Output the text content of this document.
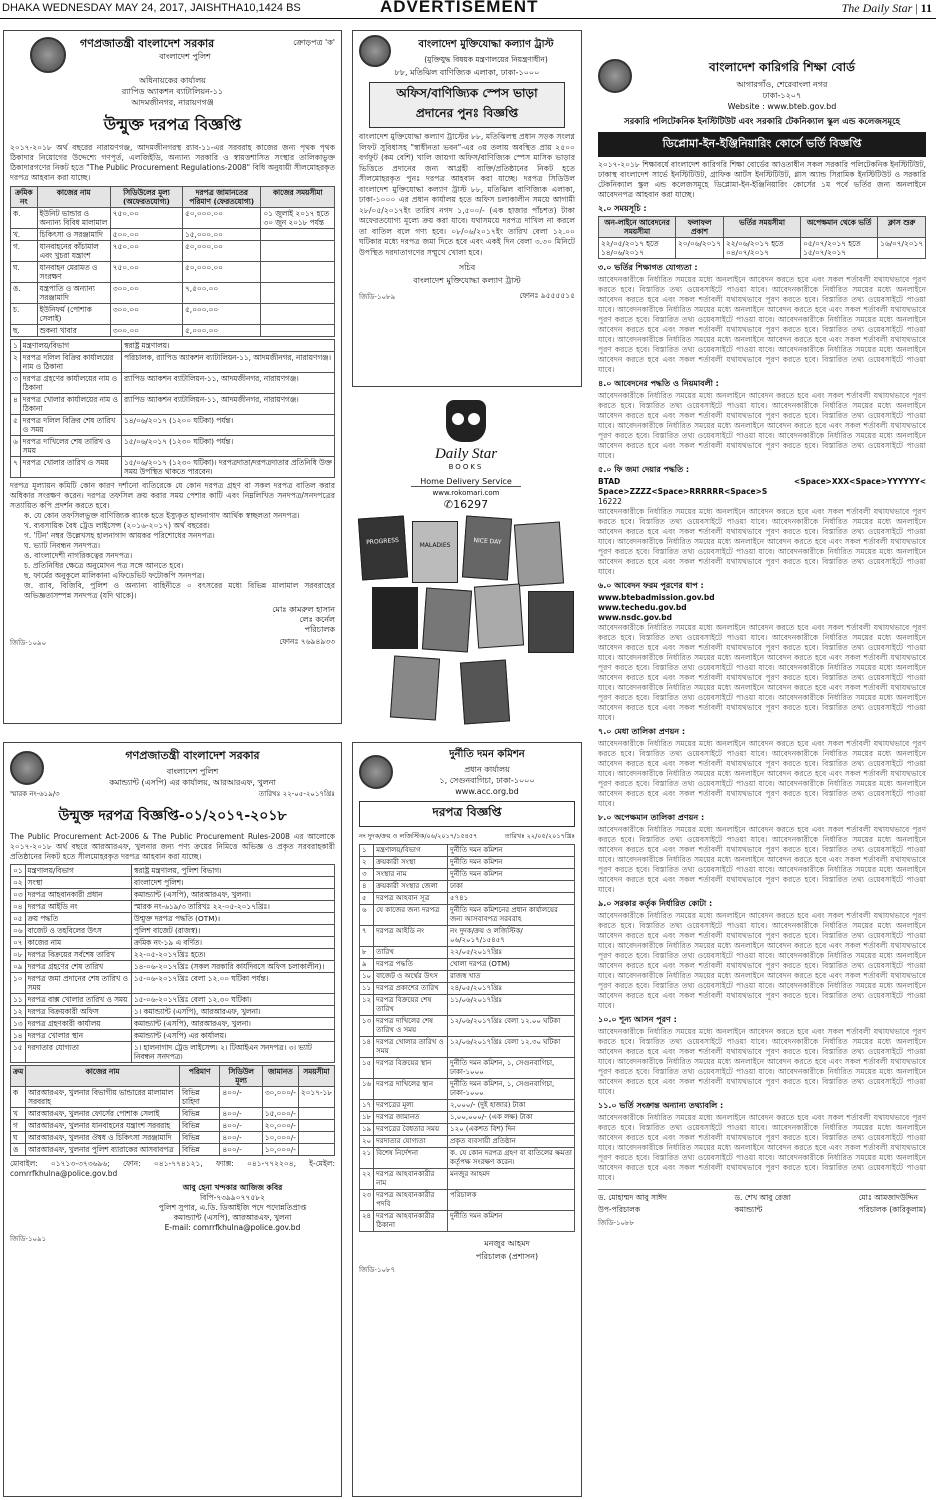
DHAKA WEDNESDAY MAY 24, 2017, JAISHTHA10,1424 BS	ADVERTISEMENT	The Daily Star | 11
গণপ্রজাতন্ত্রী বাংলাদেশ সরকার	ক্রোড়পত্র 'ক'
বাংলাদেশ পুলিশ
অধিনায়কের কার্যালয়
র‍্যাপিড অ্যাকশন ব্যাটালিয়ন-১১
আদমজীনগর, নারায়ণগঞ্জ
উন্মুক্ত দরপত্র বিজ্ঞপ্তি
২০১৭-২০১৮ অর্থ বছরের নারায়ণগঞ্জ, আদমজীনগরস্থ র‍্যাব-১১-এর সরবরাহ কাজের জন্য পৃথক পৃথক ঠিকাদার নিয়োগের উদ্দেশ্যে গণপূর্ত, এলজিইডি, অন্যান্য সরকারি ও স্বায়ত্তশাসিত সংস্থার তালিকাভুক্ত ঠিকাদারগণের নিকট হতে "The Public Procurement Regulations-2008" বিধি অনুযায়ী সীলমোহরকৃত দরপত্র আহবান করা যাচ্ছে।
ক্রমিক নং	কাজের নাম	সিডিউলের মূল্য (অফেরতযোগ্য)	দরপত্র জামানতের পরিমাণ (ফেরতযোগ্য)	কাজের সময়সীমা
ক.	ইউনিট ভান্ডার ও অন্যান্য বিবিধ মালামাল	৭৫০.০০	৫০,০০০.০০	০১ জুলাই ২০১৭ হতে ৩০ জুন ২০১৮ পর্যন্ত
খ.	চিকিৎসা ও সরঞ্জামাদি	৫০০.০০	১৫,০০০.০০	
গ.	যানবাহনের কাঁচামাল এবং খুচরা যন্ত্রাংশ	৭৫০.০০	৫০,০০০.০০	
ঘ.	যানবাহন মেরামত ও সংরক্ষণ	৭৫০.০০	৫০,০০০.০০	
ঙ.	যন্ত্রপাতি ও অন্যান্য সরঞ্জামাদি	৩০০.০০	৭,৫০০.০০	
চ.	ইউনিফর্ম (পোশাক সেলাই)	৩০০.০০	৫,০০০.০০	
ছ.	শুকনা খাবার	৩০০.০০	৫,০০০.০০	
১	মন্ত্রণালয়/বিভাগ	স্বরাষ্ট্র মন্ত্রণালয়।
২	দরপত্র দলিল বিক্রির কার্যালয়ের নাম ও ঠিকানা	পরিচালক, র‍্যাপিড অ্যাকশন ব্যাটালিয়ন-১১, আদমজীনগর, নারায়ণগঞ্জ।
৩	দরপত্র গ্রহণের কার্যালয়ের নাম ও ঠিকানা	র‍্যাপিড অ্যাকশন ব্যাটালিয়ন-১১, আদমজীনগর, নারায়ণগঞ্জ।
৪	দরপত্র খোলার কার্যালয়ের নাম ও ঠিকানা	র‍্যাপিড অ্যাকশন ব্যাটালিয়ন-১১, আদমজীনগর, নারায়ণগঞ্জ।
৫	দরপত্র দলিল বিক্রির শেষ তারিখ ও সময়	১৪/০৬/২০১৭ (১২০০ ঘটিকা) পর্যন্ত।
৬	দরপত্র দাখিলের শেষ তারিখ ও সময়	১৫/০৬/২০১৭ (১২৩০ ঘটিকা) পর্যন্ত।
৭	দরপত্র খোলার তারিখ ও সময়	১৫/০৬/২০১৭ (১২৩০ ঘটিকা)। দরপত্রদাতা/দরপত্রদাতার প্রতিনিধি উক্ত সময় উপস্থিত থাকতে পারবেন।
দরপত্র মূল্যায়ন কমিটি কোন কারণ দর্শানো ব্যতিরেকে যে কোন দরপত্র গ্রহণ বা সকল দরপত্র বাতিল করার অধিকার সংরক্ষণ করেন। দরপত্র তফসিল ক্রয় করার সময় পেশার কাটি এবং নিম্নলিখিত সনদপত্র/সনদপত্রের সত্যায়িত কপি প্রদর্শন করতে হবে।
ক. যে কোন তফসিলভুক্ত বাণিজ্যিক ব্যাংক হতে ইস্যুকৃত হালনাগাদ আর্থিক স্বচ্ছলতা সনদপত্র।
খ. ব্যবসায়িক বৈধ ট্রেড লাইসেন্স (২০১৬-২০১৭) অর্থ বছরের।
গ. 'টিন' নম্বর উল্লেখসহ হালনাগাদ আয়কর পরিশোধের সনদপত্র।
ঘ. ভ্যাট নিবন্ধন সনদপত্র।
ঙ. বাংলাদেশী নাগরিকত্বের সনদপত্র।
চ. প্রতিনিধির ক্ষেত্রে অনুমোদন পত্র সঙ্গে আনতে হবে।
ছ. ফার্মের অনুকূলে মালিকানা এফিডেভিট ফটোকপি সনদপত্র।
জ. র‍্যাব, বিজিবি, পুলিশ ও অন্যান্য বাহিনীতে ০ বৎসরের মধ্যে বিভিন্ন মালামাল সরবরাহের অভিজ্ঞতাসম্পন্ন সনদপত্র (যদি থাকে)।
মোঃ কামরুল হাসান
লেঃ কর্নেল
পরিচালক
জিডি-১০৯০	ফোনঃ ৭৬৯৪৯৩৩
বাংলাদেশ মুক্তিযোদ্ধা কল্যাণ ট্রাস্ট
(মুক্তিযুদ্ধ বিষয়ক মন্ত্রণালয়ের নিয়ন্ত্রণাধীন)
৮৮, মতিঝিল বাণিজ্যিক এলাকা, ঢাকা-১০০০
অফিস/বাণিজ্যিক স্পেস ভাড়া
প্রদানের পুনঃ বিজ্ঞপ্তি
বাংলাদেশ মুক্তিযোদ্ধা কল্যাণ ট্রাস্টের ৮৮, মতিঝিলস্থ প্রধান সড়ক সংলগ্ন লিফট সুবিধাসহ "স্বাধীনতা ভবন"-এর ৩য় তলায় অবস্থিত প্রায় ২৫০০ বর্গফুট (কম বেশি) খালি জায়গা অফিস/বাণিজ্যিক স্পেস মাসিক ভাড়ার ভিত্তিতে প্রদানের জন্য আগ্রহী ব্যক্তি/প্রতিষ্ঠানের নিকট হতে সীলমোহরকৃত পুনঃ দরপত্র আহবান করা যাচ্ছে। দরপত্র সিডিউল বাংলাদেশ মুক্তিযোদ্ধা কল্যাণ ট্রাস্ট ৮৮, মতিঝিল বাণিজ্যিক এলাকা, ঢাকা-১০০০ এর প্রধান কার্যালয় হতে অফিস চলাকালীন সময়ে আগামী ২৮/০৫/২০১৭ইং তারিখ নগদ ১,৫০০/- (এক হাজার পাঁচশত) টাকা অফেরতযোগ্য মূল্যে ক্রয় করা যাবে। যথাসময়ে দরপত্র দাখিল না করলে তা বাতিল বলে গণ্য হবে। ০৮/০৬/২০১৭ইং তারিখ বেলা ১২.০০ ঘটিকার মধ্যে দরপত্র জমা দিতে হবে এবং একই দিন বেলা ৩.৩০ মিনিটে উপস্থিত দরদাতাগণের সম্মুখে খোলা হবে।
সচিব
বাংলাদেশ মুক্তিযোদ্ধা কল্যাণ ট্রাস্ট
জিডি-১০৮৯	ফোনঃ ৯৫৫৫৫১৫
Daily Star
BOOKS
Home Delivery Service
www.rokomari.com
✆16297
PROGRESS	MALADIES	NICE DAY
বাংলাদেশ কারিগরি শিক্ষা বোর্ড
আগারগাঁও, শেরেবাংলা নগর
ঢাকা-১২০৭
Website : www.bteb.gov.bd
সরকারি পলিটেকনিক ইনস্টিটিউট এবং সরকারি টেকনিক্যাল স্কুল এন্ড কলেজসমূহে
ডিপ্লোমা-ইন-ইঞ্জিনিয়ারিং কোর্সে ভর্তি বিজ্ঞপ্তি
২০১৭-২০১৮ শিক্ষাবর্ষে বাংলাদেশ কারিগরি শিক্ষা বোর্ডের আওতাধীন সকল সরকারি পলিটেকনিক ইনস্টিটিউট, ঢাকাস্থ বাংলাদেশ সার্ভে ইনস্টিটিউট, গ্রাফিক আর্টস ইনস্টিটিউট, গ্লাস অ্যান্ড সিরামিক ইনস্টিটিউট ও সরকারি টেকনিক্যাল স্কুল এন্ড কলেজসমূহে ডিপ্লোমা-ইন-ইঞ্জিনিয়ারিং কোর্সের ১ম পর্বে ভর্তির জন্য অনলাইনে আবেদনপত্র আহবান করা যাচ্ছে।
২.০ সময়সূচি :
অন-লাইনে আবেদনের সময়সীমা	ফলাফল প্রকাশ	ভর্তির সময়সীমা	অপেক্ষমান থেকে ভর্তি	ক্লাস শুরু
২২/০৫/২০১৭ হতে ১৪/০৬/২০১৭	২০/০৬/২০১৭	২২/০৬/২০১৭ হতে ০৪/০৭/২০১৭	০৫/০৭/২০১৭ হতে ১৫/০৭/২০১৭	১৬/০৭/২০১৭
৩.০ ভর্তির শিক্ষাগত যোগ্যতা :
আবেদনকারীকে নির্ধারিত সময়ের মধ্যে অনলাইনে আবেদন করতে হবে এবং সকল শর্তাবলী যথাযথভাবে পূরণ করতে হবে। বিস্তারিত তথ্য ওয়েবসাইটে পাওয়া যাবে। আবেদনকারীকে নির্ধারিত সময়ের মধ্যে অনলাইনে আবেদন করতে হবে এবং সকল শর্তাবলী যথাযথভাবে পূরণ করতে হবে। বিস্তারিত তথ্য ওয়েবসাইটে পাওয়া যাবে। আবেদনকারীকে নির্ধারিত সময়ের মধ্যে অনলাইনে আবেদন করতে হবে এবং সকল শর্তাবলী যথাযথভাবে পূরণ করতে হবে। বিস্তারিত তথ্য ওয়েবসাইটে পাওয়া যাবে। আবেদনকারীকে নির্ধারিত সময়ের মধ্যে অনলাইনে আবেদন করতে হবে এবং সকল শর্তাবলী যথাযথভাবে পূরণ করতে হবে। বিস্তারিত তথ্য ওয়েবসাইটে পাওয়া যাবে। আবেদনকারীকে নির্ধারিত সময়ের মধ্যে অনলাইনে আবেদন করতে হবে এবং সকল শর্তাবলী যথাযথভাবে পূরণ করতে হবে। বিস্তারিত তথ্য ওয়েবসাইটে পাওয়া যাবে। আবেদনকারীকে নির্ধারিত সময়ের মধ্যে অনলাইনে আবেদন করতে হবে এবং সকল শর্তাবলী যথাযথভাবে পূরণ করতে হবে। বিস্তারিত তথ্য ওয়েবসাইটে পাওয়া যাবে।
৪.০ আবেদনের পদ্ধতি ও নিয়মাবলী :
আবেদনকারীকে নির্ধারিত সময়ের মধ্যে অনলাইনে আবেদন করতে হবে এবং সকল শর্তাবলী যথাযথভাবে পূরণ করতে হবে। বিস্তারিত তথ্য ওয়েবসাইটে পাওয়া যাবে। আবেদনকারীকে নির্ধারিত সময়ের মধ্যে অনলাইনে আবেদন করতে হবে এবং সকল শর্তাবলী যথাযথভাবে পূরণ করতে হবে। বিস্তারিত তথ্য ওয়েবসাইটে পাওয়া যাবে। আবেদনকারীকে নির্ধারিত সময়ের মধ্যে অনলাইনে আবেদন করতে হবে এবং সকল শর্তাবলী যথাযথভাবে পূরণ করতে হবে। বিস্তারিত তথ্য ওয়েবসাইটে পাওয়া যাবে। আবেদনকারীকে নির্ধারিত সময়ের মধ্যে অনলাইনে আবেদন করতে হবে এবং সকল শর্তাবলী যথাযথভাবে পূরণ করতে হবে। বিস্তারিত তথ্য ওয়েবসাইটে পাওয়া যাবে।
৫.০ ফি জমা দেয়ার পদ্ধতি :
BTAD <Space>XXX<Space>YYYYYY< Space>ZZZZ<Space>RRRRRR<Space>S
16222
আবেদনকারীকে নির্ধারিত সময়ের মধ্যে অনলাইনে আবেদন করতে হবে এবং সকল শর্তাবলী যথাযথভাবে পূরণ করতে হবে। বিস্তারিত তথ্য ওয়েবসাইটে পাওয়া যাবে। আবেদনকারীকে নির্ধারিত সময়ের মধ্যে অনলাইনে আবেদন করতে হবে এবং সকল শর্তাবলী যথাযথভাবে পূরণ করতে হবে। বিস্তারিত তথ্য ওয়েবসাইটে পাওয়া যাবে। আবেদনকারীকে নির্ধারিত সময়ের মধ্যে অনলাইনে আবেদন করতে হবে এবং সকল শর্তাবলী যথাযথভাবে পূরণ করতে হবে। বিস্তারিত তথ্য ওয়েবসাইটে পাওয়া যাবে। আবেদনকারীকে নির্ধারিত সময়ের মধ্যে অনলাইনে আবেদন করতে হবে এবং সকল শর্তাবলী যথাযথভাবে পূরণ করতে হবে। বিস্তারিত তথ্য ওয়েবসাইটে পাওয়া যাবে।
৬.০ আবেদন ফরম পূরণের ধাপ :
www.btebadmission.gov.bd
www.techedu.gov.bd
www.nsdc.gov.bd
আবেদনকারীকে নির্ধারিত সময়ের মধ্যে অনলাইনে আবেদন করতে হবে এবং সকল শর্তাবলী যথাযথভাবে পূরণ করতে হবে। বিস্তারিত তথ্য ওয়েবসাইটে পাওয়া যাবে। আবেদনকারীকে নির্ধারিত সময়ের মধ্যে অনলাইনে আবেদন করতে হবে এবং সকল শর্তাবলী যথাযথভাবে পূরণ করতে হবে। বিস্তারিত তথ্য ওয়েবসাইটে পাওয়া যাবে। আবেদনকারীকে নির্ধারিত সময়ের মধ্যে অনলাইনে আবেদন করতে হবে এবং সকল শর্তাবলী যথাযথভাবে পূরণ করতে হবে। বিস্তারিত তথ্য ওয়েবসাইটে পাওয়া যাবে। আবেদনকারীকে নির্ধারিত সময়ের মধ্যে অনলাইনে আবেদন করতে হবে এবং সকল শর্তাবলী যথাযথভাবে পূরণ করতে হবে। বিস্তারিত তথ্য ওয়েবসাইটে পাওয়া যাবে। আবেদনকারীকে নির্ধারিত সময়ের মধ্যে অনলাইনে আবেদন করতে হবে এবং সকল শর্তাবলী যথাযথভাবে পূরণ করতে হবে। বিস্তারিত তথ্য ওয়েবসাইটে পাওয়া যাবে। আবেদনকারীকে নির্ধারিত সময়ের মধ্যে অনলাইনে আবেদন করতে হবে এবং সকল শর্তাবলী যথাযথভাবে পূরণ করতে হবে। বিস্তারিত তথ্য ওয়েবসাইটে পাওয়া যাবে।
৭.০ মেধা তালিকা প্রণয়ন :
আবেদনকারীকে নির্ধারিত সময়ের মধ্যে অনলাইনে আবেদন করতে হবে এবং সকল শর্তাবলী যথাযথভাবে পূরণ করতে হবে। বিস্তারিত তথ্য ওয়েবসাইটে পাওয়া যাবে। আবেদনকারীকে নির্ধারিত সময়ের মধ্যে অনলাইনে আবেদন করতে হবে এবং সকল শর্তাবলী যথাযথভাবে পূরণ করতে হবে। বিস্তারিত তথ্য ওয়েবসাইটে পাওয়া যাবে। আবেদনকারীকে নির্ধারিত সময়ের মধ্যে অনলাইনে আবেদন করতে হবে এবং সকল শর্তাবলী যথাযথভাবে পূরণ করতে হবে। বিস্তারিত তথ্য ওয়েবসাইটে পাওয়া যাবে। আবেদনকারীকে নির্ধারিত সময়ের মধ্যে অনলাইনে আবেদন করতে হবে এবং সকল শর্তাবলী যথাযথভাবে পূরণ করতে হবে। বিস্তারিত তথ্য ওয়েবসাইটে পাওয়া যাবে।
৮.০ অপেক্ষমান তালিকা প্রণয়ন :
আবেদনকারীকে নির্ধারিত সময়ের মধ্যে অনলাইনে আবেদন করতে হবে এবং সকল শর্তাবলী যথাযথভাবে পূরণ করতে হবে। বিস্তারিত তথ্য ওয়েবসাইটে পাওয়া যাবে। আবেদনকারীকে নির্ধারিত সময়ের মধ্যে অনলাইনে আবেদন করতে হবে এবং সকল শর্তাবলী যথাযথভাবে পূরণ করতে হবে। বিস্তারিত তথ্য ওয়েবসাইটে পাওয়া যাবে। আবেদনকারীকে নির্ধারিত সময়ের মধ্যে অনলাইনে আবেদন করতে হবে এবং সকল শর্তাবলী যথাযথভাবে পূরণ করতে হবে। বিস্তারিত তথ্য ওয়েবসাইটে পাওয়া যাবে। আবেদনকারীকে নির্ধারিত সময়ের মধ্যে অনলাইনে আবেদন করতে হবে এবং সকল শর্তাবলী যথাযথভাবে পূরণ করতে হবে। বিস্তারিত তথ্য ওয়েবসাইটে পাওয়া যাবে।
৯.০ সরকার কর্তৃক নির্ধারিত কোটা :
আবেদনকারীকে নির্ধারিত সময়ের মধ্যে অনলাইনে আবেদন করতে হবে এবং সকল শর্তাবলী যথাযথভাবে পূরণ করতে হবে। বিস্তারিত তথ্য ওয়েবসাইটে পাওয়া যাবে। আবেদনকারীকে নির্ধারিত সময়ের মধ্যে অনলাইনে আবেদন করতে হবে এবং সকল শর্তাবলী যথাযথভাবে পূরণ করতে হবে। বিস্তারিত তথ্য ওয়েবসাইটে পাওয়া যাবে। আবেদনকারীকে নির্ধারিত সময়ের মধ্যে অনলাইনে আবেদন করতে হবে এবং সকল শর্তাবলী যথাযথভাবে পূরণ করতে হবে। বিস্তারিত তথ্য ওয়েবসাইটে পাওয়া যাবে। আবেদনকারীকে নির্ধারিত সময়ের মধ্যে অনলাইনে আবেদন করতে হবে এবং সকল শর্তাবলী যথাযথভাবে পূরণ করতে হবে। বিস্তারিত তথ্য ওয়েবসাইটে পাওয়া যাবে। আবেদনকারীকে নির্ধারিত সময়ের মধ্যে অনলাইনে আবেদন করতে হবে এবং সকল শর্তাবলী যথাযথভাবে পূরণ করতে হবে। বিস্তারিত তথ্য ওয়েবসাইটে পাওয়া যাবে। আবেদনকারীকে নির্ধারিত সময়ের মধ্যে অনলাইনে আবেদন করতে হবে এবং সকল শর্তাবলী যথাযথভাবে পূরণ করতে হবে। বিস্তারিত তথ্য ওয়েবসাইটে পাওয়া যাবে।
১০.০ শূন্য আসন পূরণ :
আবেদনকারীকে নির্ধারিত সময়ের মধ্যে অনলাইনে আবেদন করতে হবে এবং সকল শর্তাবলী যথাযথভাবে পূরণ করতে হবে। বিস্তারিত তথ্য ওয়েবসাইটে পাওয়া যাবে। আবেদনকারীকে নির্ধারিত সময়ের মধ্যে অনলাইনে আবেদন করতে হবে এবং সকল শর্তাবলী যথাযথভাবে পূরণ করতে হবে। বিস্তারিত তথ্য ওয়েবসাইটে পাওয়া যাবে। আবেদনকারীকে নির্ধারিত সময়ের মধ্যে অনলাইনে আবেদন করতে হবে এবং সকল শর্তাবলী যথাযথভাবে পূরণ করতে হবে। বিস্তারিত তথ্য ওয়েবসাইটে পাওয়া যাবে। আবেদনকারীকে নির্ধারিত সময়ের মধ্যে অনলাইনে আবেদন করতে হবে এবং সকল শর্তাবলী যথাযথভাবে পূরণ করতে হবে। বিস্তারিত তথ্য ওয়েবসাইটে পাওয়া যাবে।
১১.০ ভর্তি সংক্রান্ত অন্যান্য তথ্যাবলি :
আবেদনকারীকে নির্ধারিত সময়ের মধ্যে অনলাইনে আবেদন করতে হবে এবং সকল শর্তাবলী যথাযথভাবে পূরণ করতে হবে। বিস্তারিত তথ্য ওয়েবসাইটে পাওয়া যাবে। আবেদনকারীকে নির্ধারিত সময়ের মধ্যে অনলাইনে আবেদন করতে হবে এবং সকল শর্তাবলী যথাযথভাবে পূরণ করতে হবে। বিস্তারিত তথ্য ওয়েবসাইটে পাওয়া যাবে। আবেদনকারীকে নির্ধারিত সময়ের মধ্যে অনলাইনে আবেদন করতে হবে এবং সকল শর্তাবলী যথাযথভাবে পূরণ করতে হবে। বিস্তারিত তথ্য ওয়েবসাইটে পাওয়া যাবে। আবেদনকারীকে নির্ধারিত সময়ের মধ্যে অনলাইনে আবেদন করতে হবে এবং সকল শর্তাবলী যথাযথভাবে পূরণ করতে হবে। বিস্তারিত তথ্য ওয়েবসাইটে পাওয়া যাবে।
ড. মোহাম্মদ আবু সাঈদ
উপ-পরিচালক
ড. শেখ আবু রেজা
কমান্ড্যান্ট
মোঃ আমজাদউদ্দিন
পরিচালক (কারিকুলাম)
জিডি-১০৮৮
গণপ্রজাতন্ত্রী বাংলাদেশ সরকার
বাংলাদেশ পুলিশ
কমান্ড্যান্ট (এসপি) এর কার্যালয়, আরআরএফ, খুলনা
স্মারক নং-৬১৯/৩	তারিখঃ ২২-০৫-২০১৭খ্রিঃ
উন্মুক্ত দরপত্র বিজ্ঞপ্তি-০১/২০১৭-২০১৮
The Public Procurement Act-2006 & The Public Procurement Rules-2008 এর আলোকে ২০১৭-২০১৮ অর্থ বছরে আরআরএফ, খুলনার জন্য পণ্য ক্রয়ের নিমিত্তে অভিজ্ঞ ও প্রকৃত সরবরাহকারী প্রতিষ্ঠানের নিকট হতে সীলমোহরকৃত দরপত্র আহবান করা যাচ্ছে।
০১	মন্ত্রণালয়/বিভাগ	স্বরাষ্ট্র মন্ত্রণালয়, পুলিশ বিভাগ।
০২	সংস্থা	বাংলাদেশ পুলিশ।
০৩	দরপত্র আহবানকারী প্রধান	কমান্ড্যান্ট (এসপি), আরআরএফ, খুলনা।
০৪	দরপত্র আইডি নং	স্মারক নং-৬১৯/৩ তারিখঃ ২২-০৫-২০১৭খ্রিঃ।
০৫	ক্রয় পদ্ধতি	উন্মুক্ত দরপত্র পদ্ধতি (OTM)।
০৬	বাজেট ও তহবিলের উৎস	পুলিশ বাজেট (রাজস্ব)।
০৭	কাজের নাম	ক্রমিক নং-১৯ এ বর্ণিত।
০৮	দরপত্র বিক্রয়ের সর্বশেষ তারিখ	২২-০৫-২০১৭খ্রিঃ হতে।
০৯	দরপত্র গ্রহণের শেষ তারিখ	১৪-০৬-২০১৭খ্রিঃ (সকল সরকারি কার্যদিবসে অফিস চলাকালীন)।
১০	দরপত্র জমা প্রদানের শেষ তারিখ ও সময়	১৫-০৬-২০১৭খ্রিঃ বেলা ১২.০০ ঘটিকা পর্যন্ত।
১১	দরপত্র বাক্স খোলার তারিখ ও সময়	১৫-০৬-২০১৭খ্রিঃ বেলা ১২.৩০ ঘটিকা।
১২	দরপত্র বিক্রয়কারী অফিস	১। কমান্ড্যান্ট (এসপি), আরআরএফ, খুলনা।
১৩	দরপত্র গ্রহণকারী কার্যালয়	কমান্ড্যান্ট (এসপি), আরআরএফ, খুলনা।
১৪	দরপত্র খোলার স্থান	কমান্ড্যান্ট (এসপি) এর কার্যালয়।
১৫	দরদাতার যোগ্যতা	১। হালনাগাদ ট্রেড লাইসেন্স। ২। টিআইএন সনদপত্র। ৩। ভ্যাট নিবন্ধন সনদপত্র।
ক্রম	কাজের নাম	পরিমাণ	সিডিউল মূল্য	জামানত	সময়সীমা
ক	আরআরএফ, খুলনার বিভাগীয় ভান্ডারের মালামাল সরবরাহ	বিভিন্ন চাহিদা	৪০০/-	৩০,০০০/-	২০১৭-১৮
খ	আরআরএফ, খুলনার ফোর্সের পোশাক সেলাই	বিভিন্ন	৪০০/-	১৫,০০০/-	
গ	আরআরএফ, খুলনার যানবাহনের যন্ত্রাংশ সরবরাহ	বিভিন্ন	৪০০/-	২০,০০০/-	
ঘ	আরআরএফ, খুলনার ঔষধ ও চিকিৎসা সরঞ্জামাদি	বিভিন্ন	৪০০/-	১০,০০০/-	
ঙ	আরআরএফ, খুলনার পুলিশ ব্যারাকের আসবাবপত্র	বিভিন্ন	৪০০/-	১০,০০০/-	
মোবাইল: ০১৭১৩-৩৭৩৬৯৬; ফোন: ০৪১-৭৭৪১২১, ফ্যাক্স: ০৪১-৭৭২২০৪, ই-মেইল: comrrfkhulna@police.gov.bd
আবু হেনা খন্দকার আজিজ কবির
বিপি-৭৩৯৯০৭৭৫৮২
পুলিশ সুপার, এ.ডি. ডিআইজি পদে পদোন্নতিপ্রাপ্ত
কমান্ড্যান্ট (এসপি), আরআরএফ, খুলনা
E-mail: comrrfkhulna@police.gov.bd
জিডি-১০৯১
দুর্নীতি দমন কমিশন
প্রধান কার্যালয়
১, সেগুনবাগিচা, ঢাকা-১০০০
www.acc.org.bd
দরপত্র বিজ্ঞপ্তি
নং দুদক/ক্রয় ও লজিস্টিক/০৬/২০১৭/১৫৪৫৭	তারিখঃ ২২/০৫/২০১৭খ্রিঃ
১	মন্ত্রণালয়/বিভাগ	দুর্নীতি দমন কমিশন
২	ক্রয়কারী সংস্থা	দুর্নীতি দমন কমিশন
৩	সংস্থার নাম	দুর্নীতি দমন কমিশন
৪	ক্রয়কারী সংস্থার জেলা	ঢাকা
৫	দরপত্র আহবান সূত্র	৫৭৪১
৬	যে কাজের জন্য দরপত্র	দুর্নীতি দমন কমিশনের প্রধান কার্যালয়ের জন্য আসবাবপত্র সরবরাহ
৭	দরপত্র আইডি নং	নং দুদক/ক্রয় ও লজিস্টিক/০৬/২০১৭/১৫৪৫৭
৮	তারিখ	২২/০৫/২০১৭খ্রিঃ
৯	দরপত্র পদ্ধতি	খোলা দরপত্র (OTM)
১০	বাজেট ও অর্থের উৎস	রাজস্ব খাত
১১	দরপত্র প্রকাশের তারিখ	২৪/০৫/২০১৭খ্রিঃ
১২	দরপত্র বিক্রয়ের শেষ তারিখ	১১/০৬/২০১৭খ্রিঃ
১৩	দরপত্র দাখিলের শেষ তারিখ ও সময়	১২/০৬/২০১৭খ্রিঃ বেলা ১২.০০ ঘটিকা
১৪	দরপত্র খোলার তারিখ ও সময়	১২/০৬/২০১৭খ্রিঃ বেলা ১২.৩০ ঘটিকা
১৫	দরপত্র বিক্রয়ের স্থান	দুর্নীতি দমন কমিশন, ১, সেগুনবাগিচা, ঢাকা-১০০০
১৬	দরপত্র দাখিলের স্থান	দুর্নীতি দমন কমিশন, ১, সেগুনবাগিচা, ঢাকা-১০০০
১৭	দরপত্রের মূল্য	২,০০০/- (দুই হাজার) টাকা
১৮	দরপত্র জামানত	১,০০,০০০/- (এক লক্ষ) টাকা
১৯	দরপত্রের বৈধতার সময়	১২০ (একশত বিশ) দিন
২০	দরদাতার যোগ্যতা	প্রকৃত ব্যবসায়ী প্রতিষ্ঠান
২১	বিশেষ নির্দেশনা	ক. যে কোন দরপত্র গ্রহণ বা বাতিলের ক্ষমতা কর্তৃপক্ষ সংরক্ষণ করেন।
২২	দরপত্র আহবানকারীর নাম	মনজুর আহমদ
২৩	দরপত্র আহবানকারীর পদবি	পরিচালক
২৪	দরপত্র আহবানকারীর ঠিকানা	দুর্নীতি দমন কমিশন
মনজুর আহমদ
পরিচালক (প্রশাসন)
জিডি-১০৮৭
